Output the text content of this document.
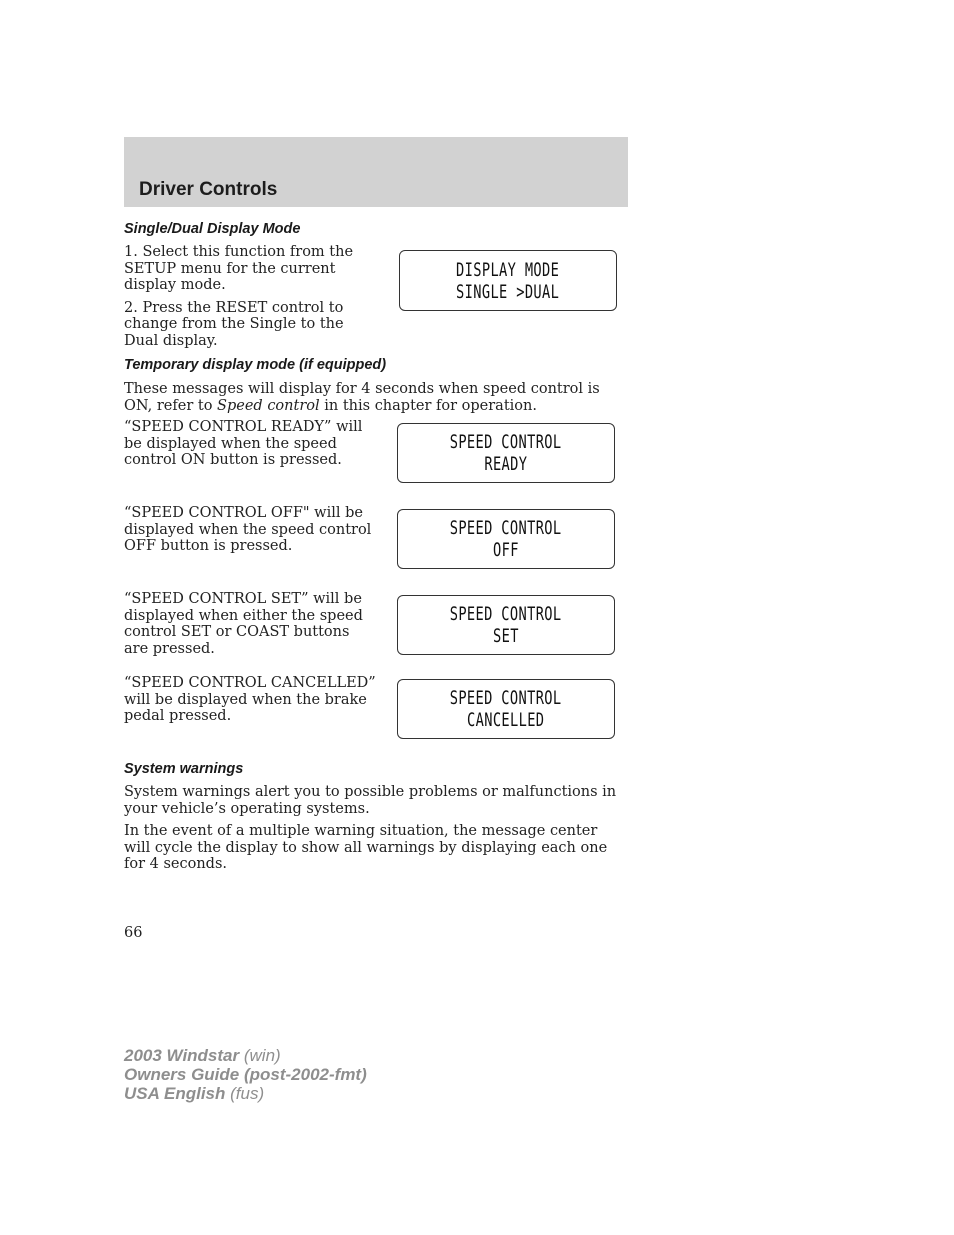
Driver Controls
Single/Dual Display Mode

1. Select this function from the SETUP menu for the current display mode.

2. Press the RESET control to change from the Single to the Dual display.

DISPLAY MODE
SINGLE >DUAL
Temporary display mode (if equipped)
These messages will display for 4 seconds when speed control is ON, refer to Speed control in this chapter for operation.
“SPEED CONTROL READY” will be displayed when the speed control ON button is pressed.
SPEED CONTROL
READY
“SPEED CONTROL OFF" will be displayed when the speed control OFF button is pressed.
SPEED CONTROL
OFF
“SPEED CONTROL SET” will be displayed when either the speed control SET or COAST buttons are pressed.
SPEED CONTROL
SET
“SPEED CONTROL CANCELLED” will be displayed when the brake pedal pressed.
SPEED CONTROL
CANCELLED
System warnings

System warnings alert you to possible problems or malfunctions in your vehicle’s operating systems.

In the event of a multiple warning situation, the message center will cycle the display to show all warnings by displaying each one for 4 seconds.

66
2003 Windstar (win)
Owners Guide (post-2002-fmt)
USA English (fus)
